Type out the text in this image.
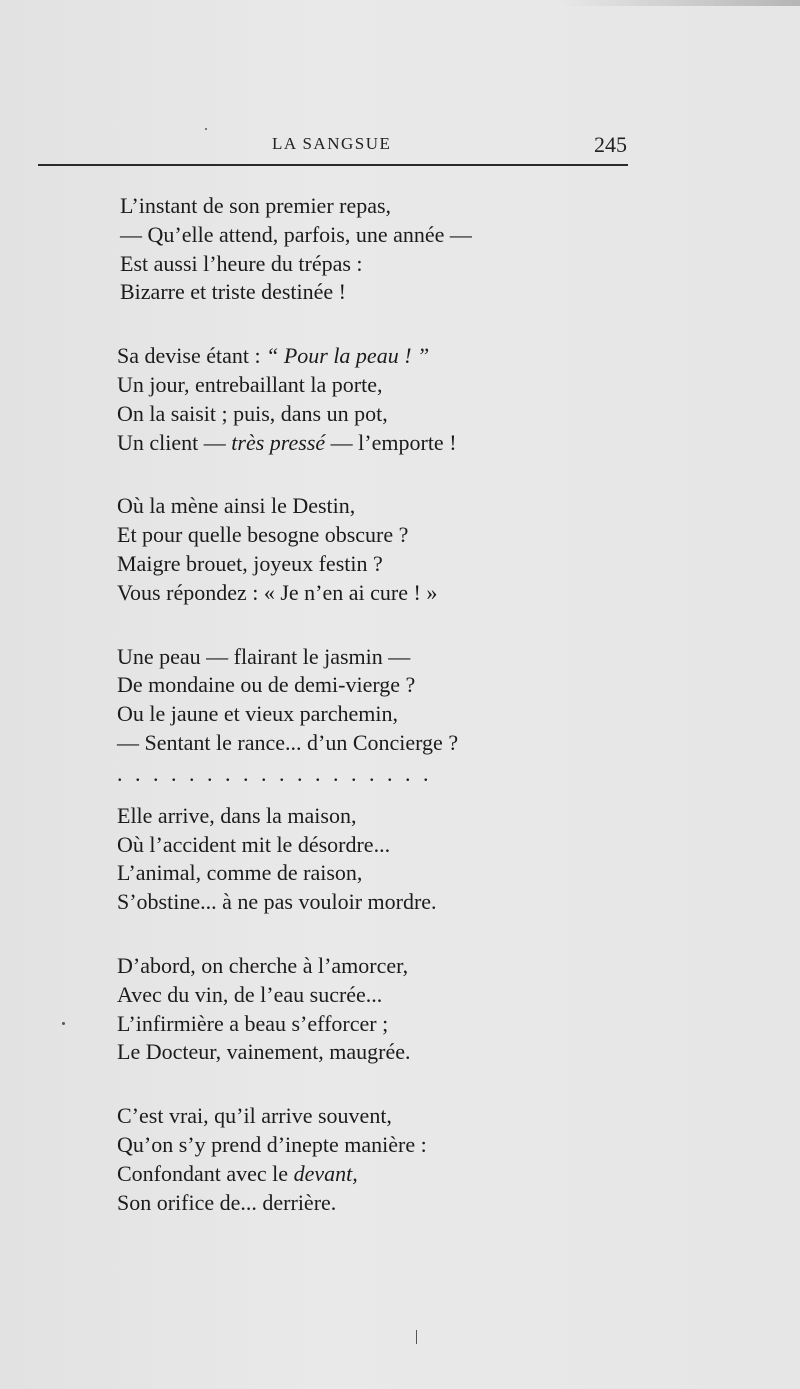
LA SANGSUE	245
L’instant de son premier repas,
— Qu’elle attend, parfois, une année —
Est aussi l’heure du trépas :
Bizarre et triste destinée !
Sa devise étant : “ Pour la peau ! ”
Un jour, entrebaillant la porte,
On la saisit ; puis, dans un pot,
Un client — très pressé — l’emporte !
Où la mène ainsi le Destin,
Et pour quelle besogne obscure ?
Maigre brouet, joyeux festin ?
Vous répondez : « Je n’en ai cure ! »
Une peau — flairant le jasmin —
De mondaine ou de demi-vierge ?
Ou le jaune et vieux parchemin,
— Sentant le rance... d’un Concierge ?
..................
Elle arrive, dans la maison,
Où l’accident mit le désordre...
L’animal, comme de raison,
S’obstine... à ne pas vouloir mordre.
D’abord, on cherche à l’amorcer,
Avec du vin, de l’eau sucrée...
L’infirmière a beau s’efforcer ;
Le Docteur, vainement, maugrée.
C’est vrai, qu’il arrive souvent,
Qu’on s’y prend d’inepte manière :
Confondant avec le devant,
Son orifice de... derrière.
